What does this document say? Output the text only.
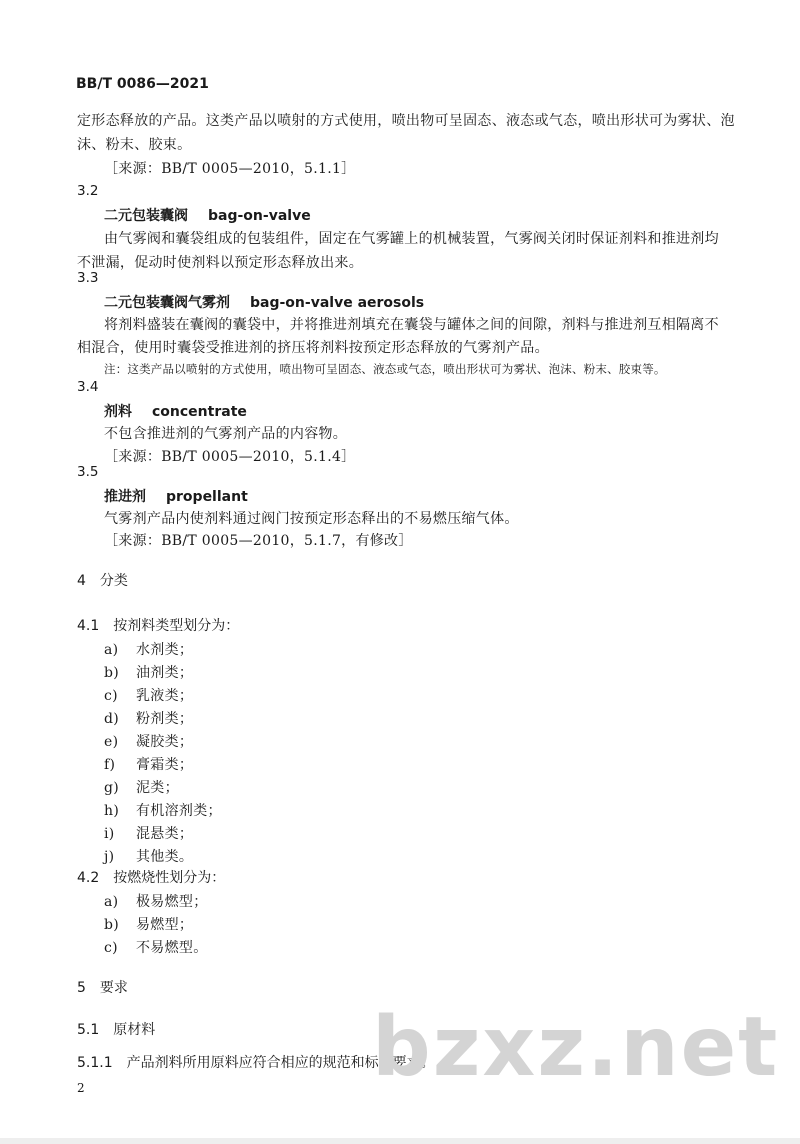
BB/T 0086—2021
定形态释放的产品。这类产品以喷射的方式使用，喷出物可呈固态、液态或气态，喷出形状可为雾状、泡
沫、粉末、胶束。
［来源：BB/T 0005—2010，5.1.1］
3.2
二元包装囊阀 bag-on-valve
由气雾阀和囊袋组成的包装组件，固定在气雾罐上的机械装置，气雾阀关闭时保证剂料和推进剂均
不泄漏，促动时使剂料以预定形态释放出来。
3.3
二元包装囊阀气雾剂 bag-on-valve aerosols
将剂料盛装在囊阀的囊袋中，并将推进剂填充在囊袋与罐体之间的间隙，剂料与推进剂互相隔离不
相混合，使用时囊袋受推进剂的挤压将剂料按预定形态释放的气雾剂产品。
注：这类产品以喷射的方式使用，喷出物可呈固态、液态或气态，喷出形状可为雾状、泡沫、粉末、胶束等。
3.4
剂料 concentrate
不包含推进剂的气雾剂产品的内容物。
［来源：BB/T 0005—2010，5.1.4］
3.5
推进剂 propellant
气雾剂产品内使剂料通过阀门按预定形态释出的不易燃压缩气体。
［来源：BB/T 0005—2010，5.1.7，有修改］
4　分类
4.1　按剂料类型划分为：
a) 水剂类；
b) 油剂类；
c) 乳液类；
d) 粉剂类；
e) 凝胶类；
f) 膏霜类；
g) 泥类；
h) 有机溶剂类；
i) 混悬类；
j) 其他类。
4.2　按燃烧性划分为：
a) 极易燃型；
b) 易燃型；
c) 不易燃型。
5　要求
5.1　原材料
5.1.1　产品剂料所用原料应符合相应的规范和标准要求。
bzxz.net
2
